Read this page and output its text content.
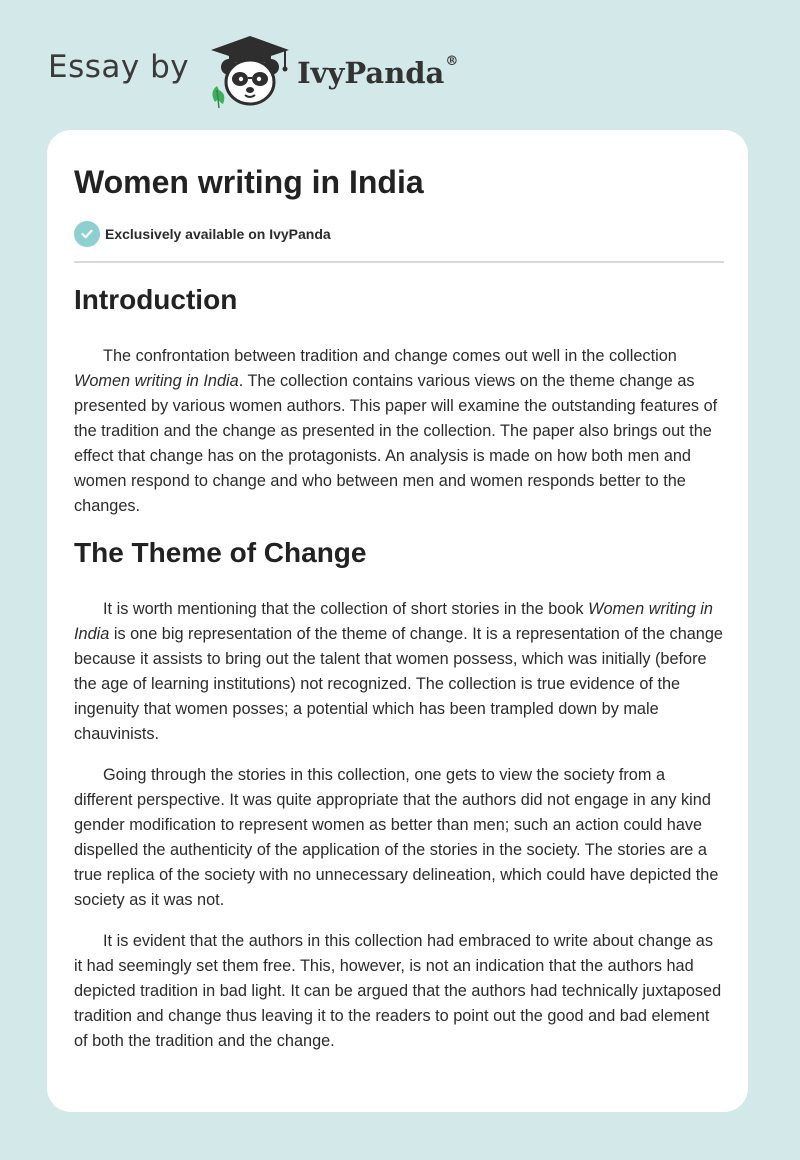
Essay by	IvyPanda®
Women writing in India
Exclusively available on IvyPanda
Introduction

The confrontation between tradition and change comes out well in the collection Women writing in India. The collection contains various views on the theme change as presented by various women authors. This paper will examine the outstanding features of the tradition and the change as presented in the collection. The paper also brings out the effect that change has on the protagonists. An analysis is made on how both men and women respond to change and who between men and women responds better to the changes.

The Theme of Change

It is worth mentioning that the collection of short stories in the book Women writing in India is one big representation of the theme of change. It is a representation of the change because it assists to bring out the talent that women possess, which was initially (before the age of learning institutions) not recognized. The collection is true evidence of the ingenuity that women posses; a potential which has been trampled down by male chauvinists.

Going through the stories in this collection, one gets to view the society from a different perspective. It was quite appropriate that the authors did not engage in any kind gender modification to represent women as better than men; such an action could have dispelled the authenticity of the application of the stories in the society. The stories are a true replica of the society with no unnecessary delineation, which could have depicted the society as it was not.

It is evident that the authors in this collection had embraced to write about change as it had seemingly set them free. This, however, is not an indication that the authors had depicted tradition in bad light. It can be argued that the authors had technically juxtaposed tradition and change thus leaving it to the readers to point out the good and bad element of both the tradition and the change.
